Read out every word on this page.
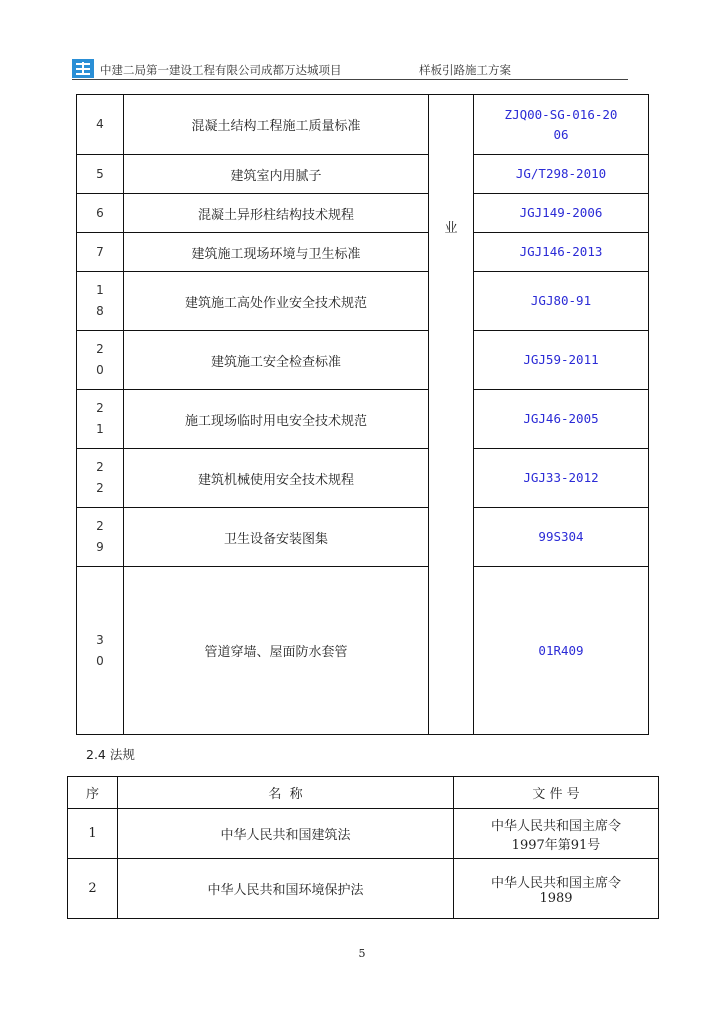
中建二局第一建设工程有限公司成都万达城项目	样板引路施工方案
4	混凝土结构工程施工质量标准	业	ZJQ00-SG-016-2006
5	建筑室内用腻子		JG/T298-2010
6	混凝土异形柱结构技术规程		JGJ149-2006
7	建筑施工现场环境与卫生标准		JGJ146-2013
18	建筑施工高处作业安全技术规范		JGJ80-91
20	建筑施工安全检查标准		JGJ59-2011
21	施工现场临时用电安全技术规范		JGJ46-2005
22	建筑机械使用安全技术规程		JGJ33-2012
29	卫生设备安装图集		99S304
30	管道穿墙、屋面防水套管		01R409
2.4 法规
序	名  称	文 件 号
1	中华人民共和国建筑法	中华人民共和国主席令
1997年第91号

2	中华人民共和国环境保护法	中华人民共和国主席令
1989
5
